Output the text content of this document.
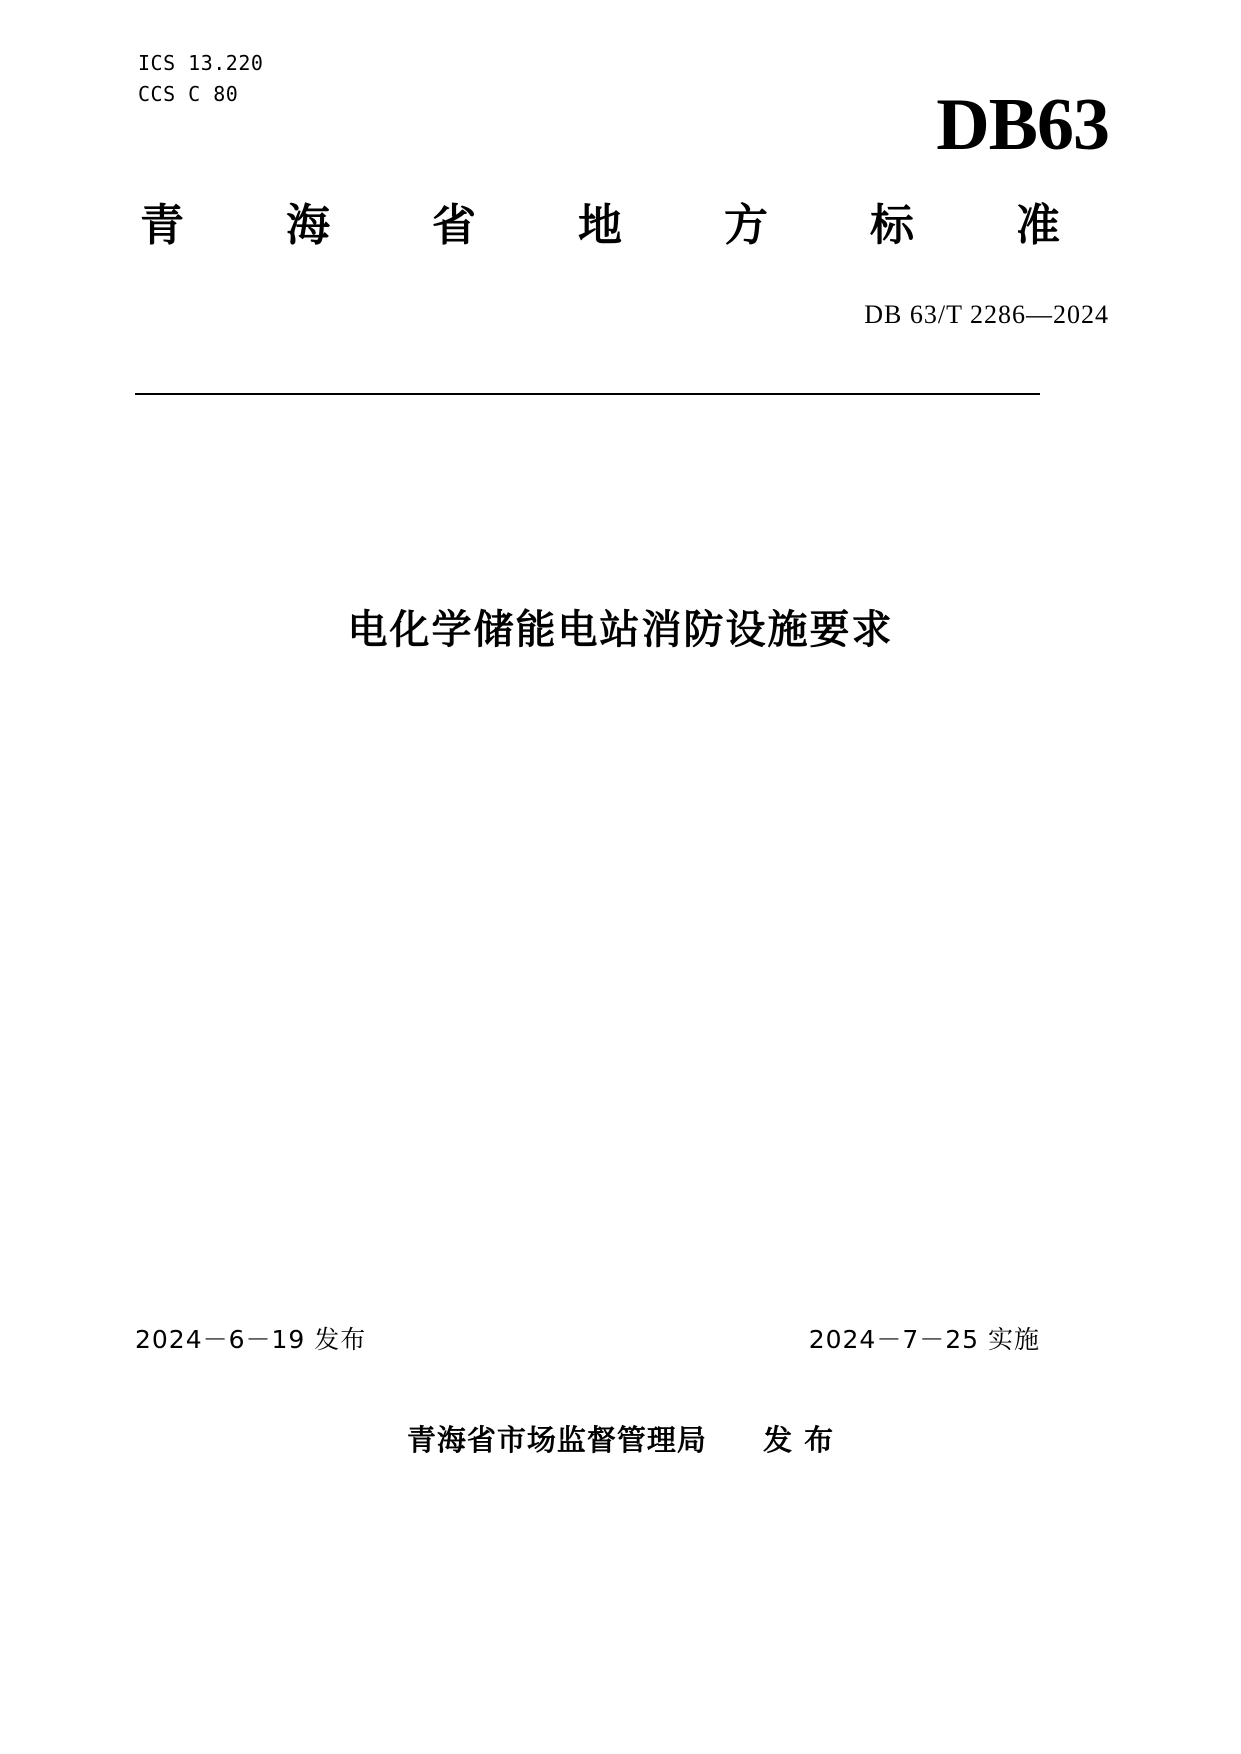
ICS 13.220
CCS C 80	DB63
青 海 省 地 方 标 准
DB 63/T 2286—2024
电化学储能电站消防设施要求
2024－6－19 发布	2024－7－25 实施
青海省市场监督管理局 发 布
